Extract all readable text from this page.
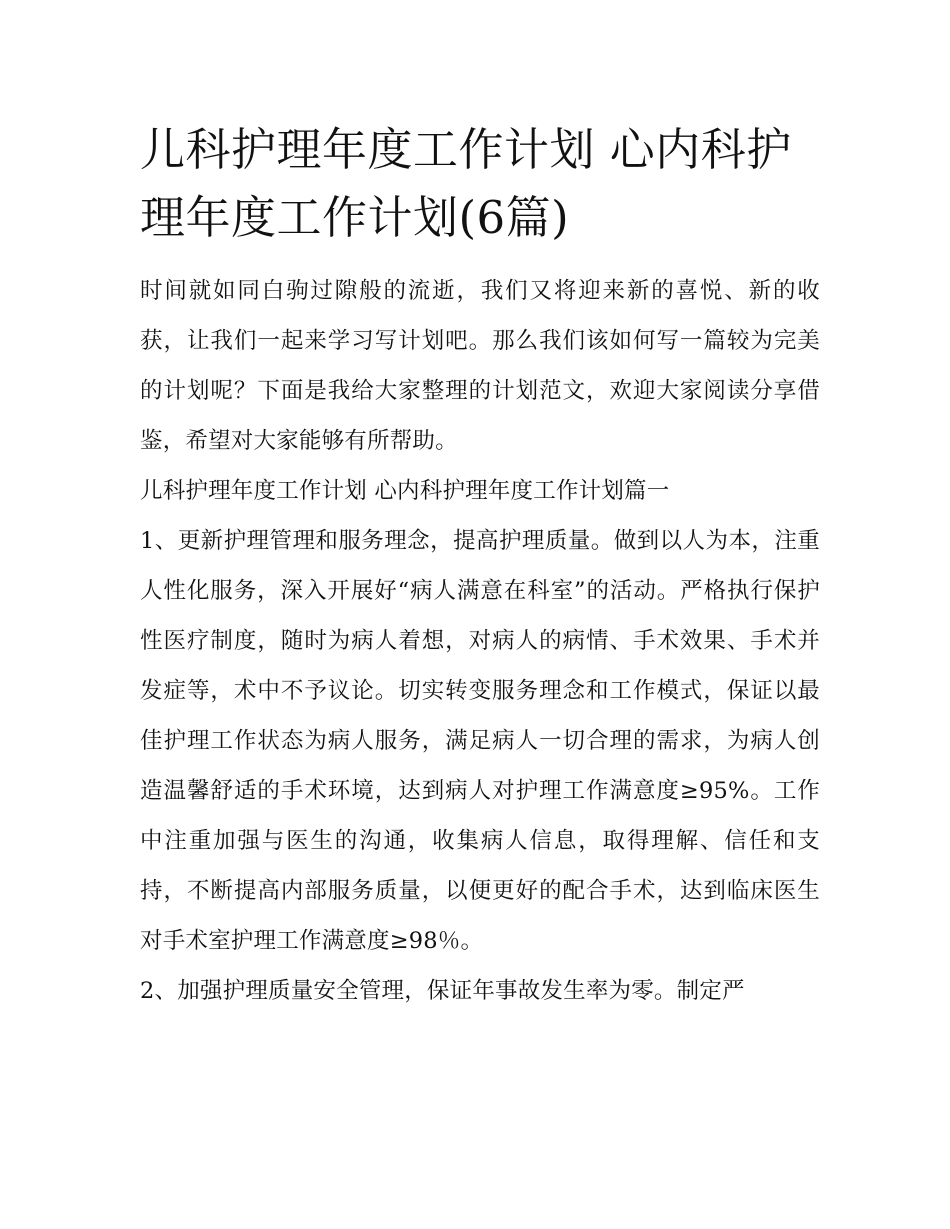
儿科护理年度工作计划 心内科护理年度工作计划(6篇)

时间就如同白驹过隙般的流逝，我们又将迎来新的喜悦、新的收获，让我们一起来学习写计划吧。那么我们该如何写一篇较为完美的计划呢？下面是我给大家整理的计划范文，欢迎大家阅读分享借鉴，希望对大家能够有所帮助。

儿科护理年度工作计划 心内科护理年度工作计划篇一

1、更新护理管理和服务理念，提高护理质量。做到以人为本，注重人性化服务，深入开展好“病人满意在科室”的活动。严格执行保护性医疗制度，随时为病人着想，对病人的病情、手术效果、手术并发症等，术中不予议论。切实转变服务理念和工作模式，保证以最佳护理工作状态为病人服务，满足病人一切合理的需求，为病人创造温馨舒适的手术环境，达到病人对护理工作满意度≥95%。工作中注重加强与医生的沟通，收集病人信息，取得理解、信任和支持，不断提高内部服务质量，以便更好的配合手术，达到临床医生对手术室护理工作满意度≥98％。

2、加强护理质量安全管理，保证年事故发生率为零。制定严
